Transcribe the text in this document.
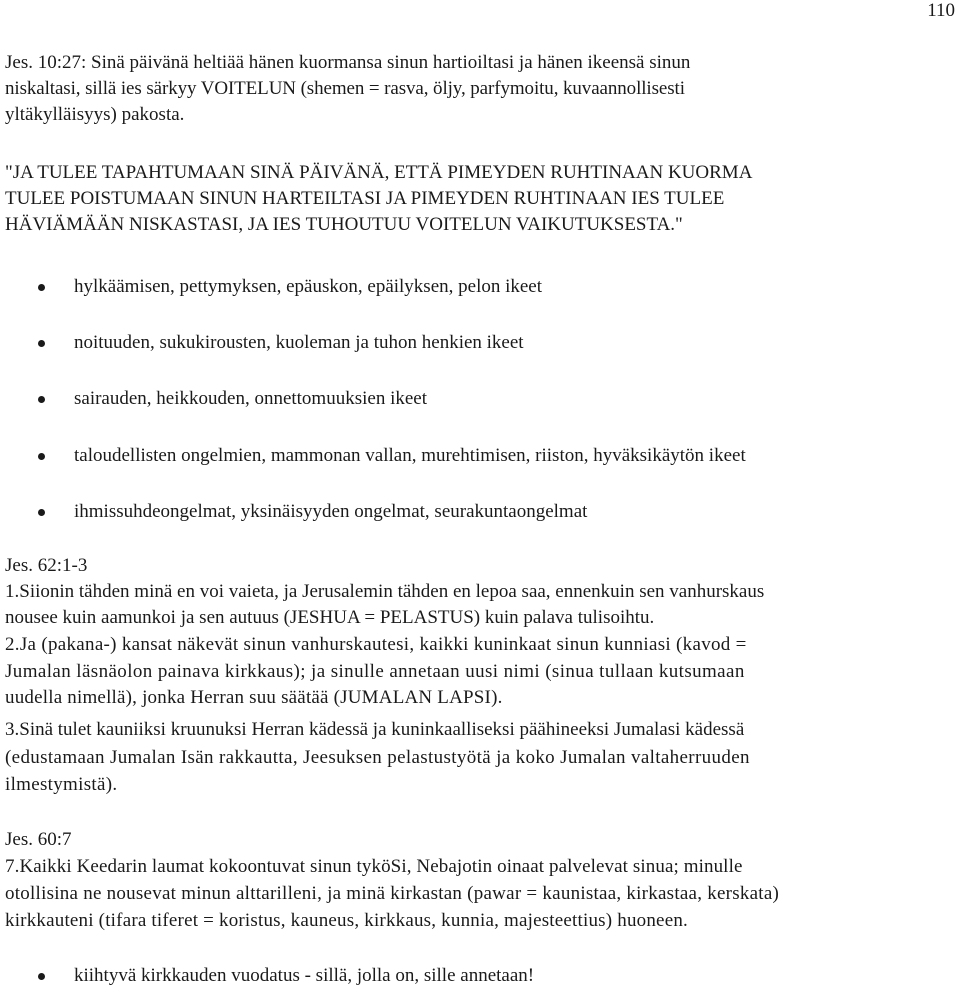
110
Jes. 10:27: Sinä päivänä heltiää hänen kuormansa sinun hartioiltasi ja hänen ikeensä sinun
niskaltasi, sillä ies särkyy VOITELUN (shemen = rasva, öljy, parfymoitu, kuvaannollisesti
yltäkylläisyys) pakosta.
"JA TULEE TAPAHTUMAAN SINÄ PÄIVÄNÄ, ETTÄ PIMEYDEN RUHTINAAN KUORMA
TULEE POISTUMAAN SINUN HARTEILTASI JA PIMEYDEN RUHTINAAN IES TULEE
HÄVIÄMÄÄN NISKASTASI, JA IES TUHOUTUU VOITELUN VAIKUTUKSESTA."
hylkäämisen, pettymyksen, epäuskon, epäilyksen, pelon ikeet
noituuden, sukukirousten, kuoleman ja tuhon henkien ikeet
sairauden, heikkouden, onnettomuuksien ikeet
taloudellisten ongelmien, mammonan vallan, murehtimisen, riiston, hyväksikäytön ikeet
ihmissuhdeongelmat, yksinäisyyden ongelmat, seurakuntaongelmat
Jes. 62:1-3
1.Siionin tähden minä en voi vaieta, ja Jerusalemin tähden en lepoa saa, ennenkuin sen vanhurskaus
nousee kuin aamunkoi ja sen autuus (JESHUA = PELASTUS) kuin palava tulisoihtu.
2.Ja (pakana-) kansat näkevät sinun vanhurskautesi, kaikki kuninkaat sinun kunniasi (kavod =
Jumalan läsnäolon painava kirkkaus); ja sinulle annetaan uusi nimi (sinua tullaan kutsumaan
uudella nimellä), jonka Herran suu säätää (JUMALAN LAPSI).
3.Sinä tulet kauniiksi kruunuksi Herran kädessä ja kuninkaalliseksi päähineeksi Jumalasi kädessä
(edustamaan Jumalan Isän rakkautta, Jeesuksen pelastustyötä ja koko Jumalan valtaherruuden
ilmestymistä).
Jes. 60:7
7.Kaikki Keedarin laumat kokoontuvat sinun tyköSi, Nebajotin oinaat palvelevat sinua; minulle
otollisina ne nousevat minun alttarilleni, ja minä kirkastan (pawar = kaunistaa, kirkastaa, kerskata)
kirkkauteni (tifara tiferet = koristus, kauneus, kirkkaus, kunnia, majesteettius) huoneen.
kiihtyvä kirkkauden vuodatus - sillä, jolla on, sille annetaan!
